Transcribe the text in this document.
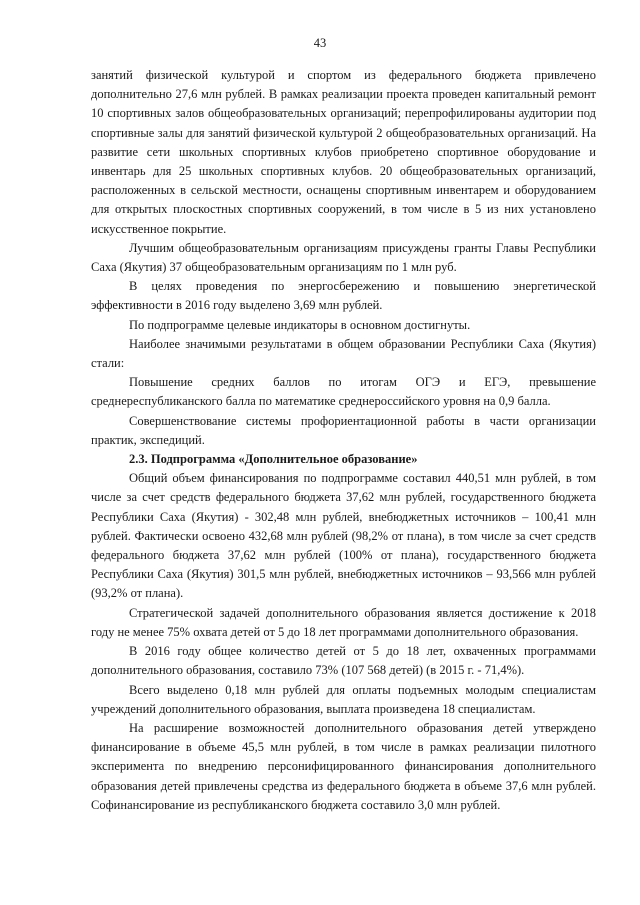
43

занятий физической культурой и спортом из федерального бюджета привлечено дополнительно 27,6 млн рублей. В рамках реализации проекта проведен капитальный ремонт 10 спортивных залов общеобразовательных организаций; перепрофилированы аудитории под спортивные залы для занятий физической культурой 2 общеобразовательных организаций. На развитие сети школьных спортивных клубов приобретено спортивное оборудование и инвентарь для 25 школьных спортивных клубов. 20 общеобразовательных организаций, расположенных в сельской местности, оснащены спортивным инвентарем и оборудованием для открытых плоскостных спортивных сооружений, в том числе в 5 из них установлено искусственное покрытие.

Лучшим общеобразовательным организациям присуждены гранты Главы Республики Саха (Якутия) 37 общеобразовательным организациям по 1 млн руб.

В целях проведения по энергосбережению и повышению энергетической эффективности в 2016 году выделено 3,69 млн рублей.

По подпрограмме целевые индикаторы в основном достигнуты.

Наиболее значимыми результатами в общем образовании Республики Саха (Якутия) стали:

Повышение средних баллов по итогам ОГЭ и ЕГЭ, превышение среднереспубликанского балла по математике среднероссийского уровня на 0,9 балла.

Совершенствование системы профориентационной работы в части организации практик, экспедиций.

2.3. Подпрограмма «Дополнительное образование»

Общий объем финансирования по подпрограмме составил 440,51 млн рублей, в том числе за счет средств федерального бюджета 37,62 млн рублей, государственного бюджета Республики Саха (Якутия) - 302,48 млн рублей, внебюджетных источников – 100,41 млн рублей. Фактически освоено 432,68 млн рублей (98,2% от плана), в том числе за счет средств федерального бюджета 37,62 млн рублей (100% от плана), государственного бюджета Республики Саха (Якутия) 301,5 млн рублей, внебюджетных источников – 93,566 млн рублей (93,2% от плана).

Стратегической задачей дополнительного образования является достижение к 2018 году не менее 75% охвата детей от 5 до 18 лет программами дополнительного образования.

В 2016 году общее количество детей от 5 до 18 лет, охваченных программами дополнительного образования, составило 73% (107 568 детей) (в 2015 г. - 71,4%).

Всего выделено 0,18 млн рублей для оплаты подъемных молодым специалистам учреждений дополнительного образования, выплата произведена 18 специалистам.

На расширение возможностей дополнительного образования детей утверждено финансирование в объеме 45,5 млн рублей, в том числе в рамках реализации пилотного эксперимента по внедрению персонифицированного финансирования дополнительного образования детей привлечены средства из федерального бюджета в объеме 37,6 млн рублей. Софинансирование из республиканского бюджета составило 3,0 млн рублей.
